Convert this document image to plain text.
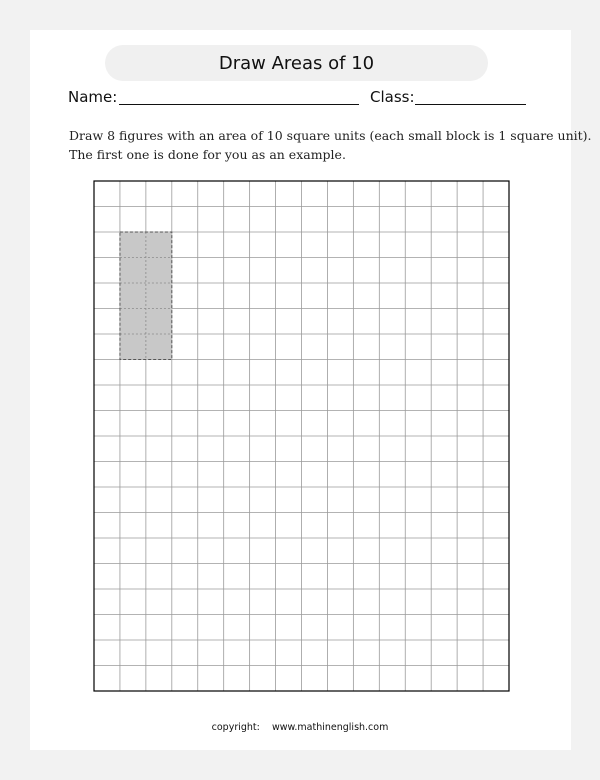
Draw Areas of 10
Name:	Class:
Draw 8 figures with an area of 10 square units (each small block is 1 square unit).
The first one is done for you as an example.
copyright: www.mathinenglish.com
